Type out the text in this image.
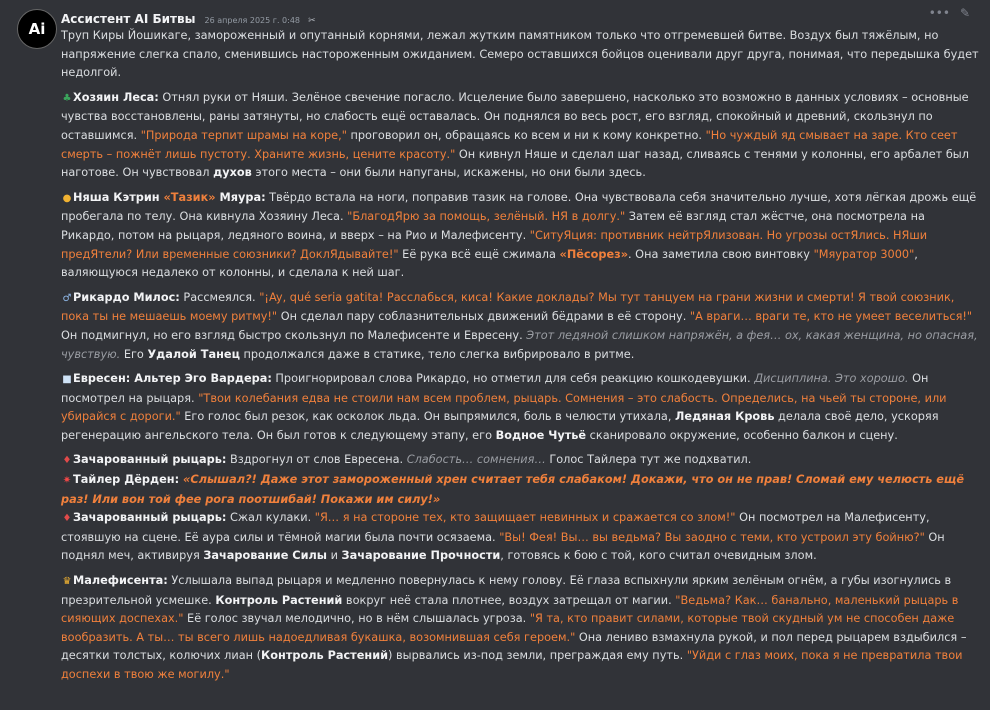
Ai
Ассистент AI Битвы 26 апреля 2025 г. 0:48 ✂
••• ✎

Труп Киры Йошикаге, замороженный и опутанный корнями, лежал жутким памятником только что отгремевшей битве. Воздух был тяжёлым, но напряжение слегка спало, сменившись настороженным ожиданием. Семеро оставшихся бойцов оценивали друг друга, понимая, что передышка будет недолгой.

♣ Хозяин Леса: Отнял руки от Няши. Зелёное свечение погасло. Исцеление было завершено, насколько это возможно в данных условиях – основные чувства восстановлены, раны затянуты, но слабость ещё оставалась. Он поднялся во весь рост, его взгляд, спокойный и древний, скользнул по оставшимся. "Природа терпит шрамы на коре," проговорил он, обращаясь ко всем и ни к кому конкретно. "Но чуждый яд смывает на заре. Кто сеет смерть – пожнёт лишь пустоту. Храните жизнь, цените красоту." Он кивнул Няше и сделал шаг назад, сливаясь с тенями у колонны, его арбалет был наготове. Он чувствовал духов этого места – они были напуганы, искажены, но они были здесь.

● Няша Кэтрин «Тазик» Мяура: Твёрдо встала на ноги, поправив тазик на голове. Она чувствовала себя значительно лучше, хотя лёгкая дрожь ещё пробегала по телу. Она кивнула Хозяину Леса. "БлагодЯрю за помощь, зелёный. НЯ в долгу." Затем её взгляд стал жёстче, она посмотрела на Рикардо, потом на рыцаря, ледяного воина, и вверх – на Рио и Малефисенту. "СитуЯция: противник нейтрЯлизован. Но угрозы остЯлись. НЯши предЯтели? Или временные союзники? ДоклЯдывайте!" Её рука всё ещё сжимала «Пёсорез». Она заметила свою винтовку "Мяуратор 3000", валяющуюся недалеко от колонны, и сделала к ней шаг.

♂ Рикардо Милос: Рассмеялся. "¡Ay, qué seria gatita! Расслабься, киса! Какие доклады? Мы тут танцуем на грани жизни и смерти! Я твой союзник, пока ты не мешаешь моему ритму!" Он сделал пару соблазнительных движений бёдрами в её сторону. "А враги… враги те, кто не умеет веселиться!" Он подмигнул, но его взгляд быстро скользнул по Малефисенте и Евресену. Этот ледяной слишком напряжён, а фея… ох, какая женщина, но опасная, чувствую. Его Удалой Танец продолжался даже в статике, тело слегка вибрировало в ритме.

■Евресен: Альтер Эго Вардера: Проигнорировал слова Рикардо, но отметил для себя реакцию кошкодевушки. Дисциплина. Это хорошо. Он посмотрел на рыцаря. "Твои колебания едва не стоили нам всем проблем, рыцарь. Сомнения – это слабость. Определись, на чьей ты стороне, или убирайся с дороги." Его голос был резок, как осколок льда. Он выпрямился, боль в челюсти утихала, Ледяная Кровь делала своё дело, ускоряя регенерацию ангельского тела. Он был готов к следующему этапу, его Водное Чутьё сканировало окружение, особенно балкон и сцену.

♦ Зачарованный рыцарь: Вздрогнул от слов Евресена. Слабость… сомнения… Голос Тайлера тут же подхватил.

✷ Тайлер Дёрден: «Слышал?! Даже этот замороженный хрен считает тебя слабаком! Докажи, что он не прав! Сломай ему челюсть ещё раз! Или вон той фее рога поотшибай! Покажи им силу!»

♦ Зачарованный рыцарь: Сжал кулаки. "Я… я на стороне тех, кто защищает невинных и сражается со злом!" Он посмотрел на Малефисенту, стоявшую на сцене. Её аура силы и тёмной магии была почти осязаема. "Вы! Фея! Вы… вы ведьма? Вы заодно с теми, кто устроил эту бойню?" Он поднял меч, активируя Зачарование Силы и Зачарование Прочности, готовясь к бою с той, кого считал очевидным злом.

♛ Малефисента: Услышала выпад рыцаря и медленно повернулась к нему голову. Её глаза вспыхнули ярким зелёным огнём, а губы изогнулись в презрительной усмешке. Контроль Растений вокруг неё стала плотнее, воздух затрещал от магии. "Ведьма? Как… банально, маленький рыцарь в сияющих доспехах." Её голос звучал мелодично, но в нём слышалась угроза. "Я та, кто правит силами, которые твой скудный ум не способен даже вообразить. А ты… ты всего лишь надоедливая букашка, возомнившая себя героем." Она лениво взмахнула рукой, и пол перед рыцарем вздыбился – десятки толстых, колючих лиан (Контроль Растений) вырвались из-под земли, преграждая ему путь. "Уйди с глаз моих, пока я не превратила твои доспехи в твою же могилу."
